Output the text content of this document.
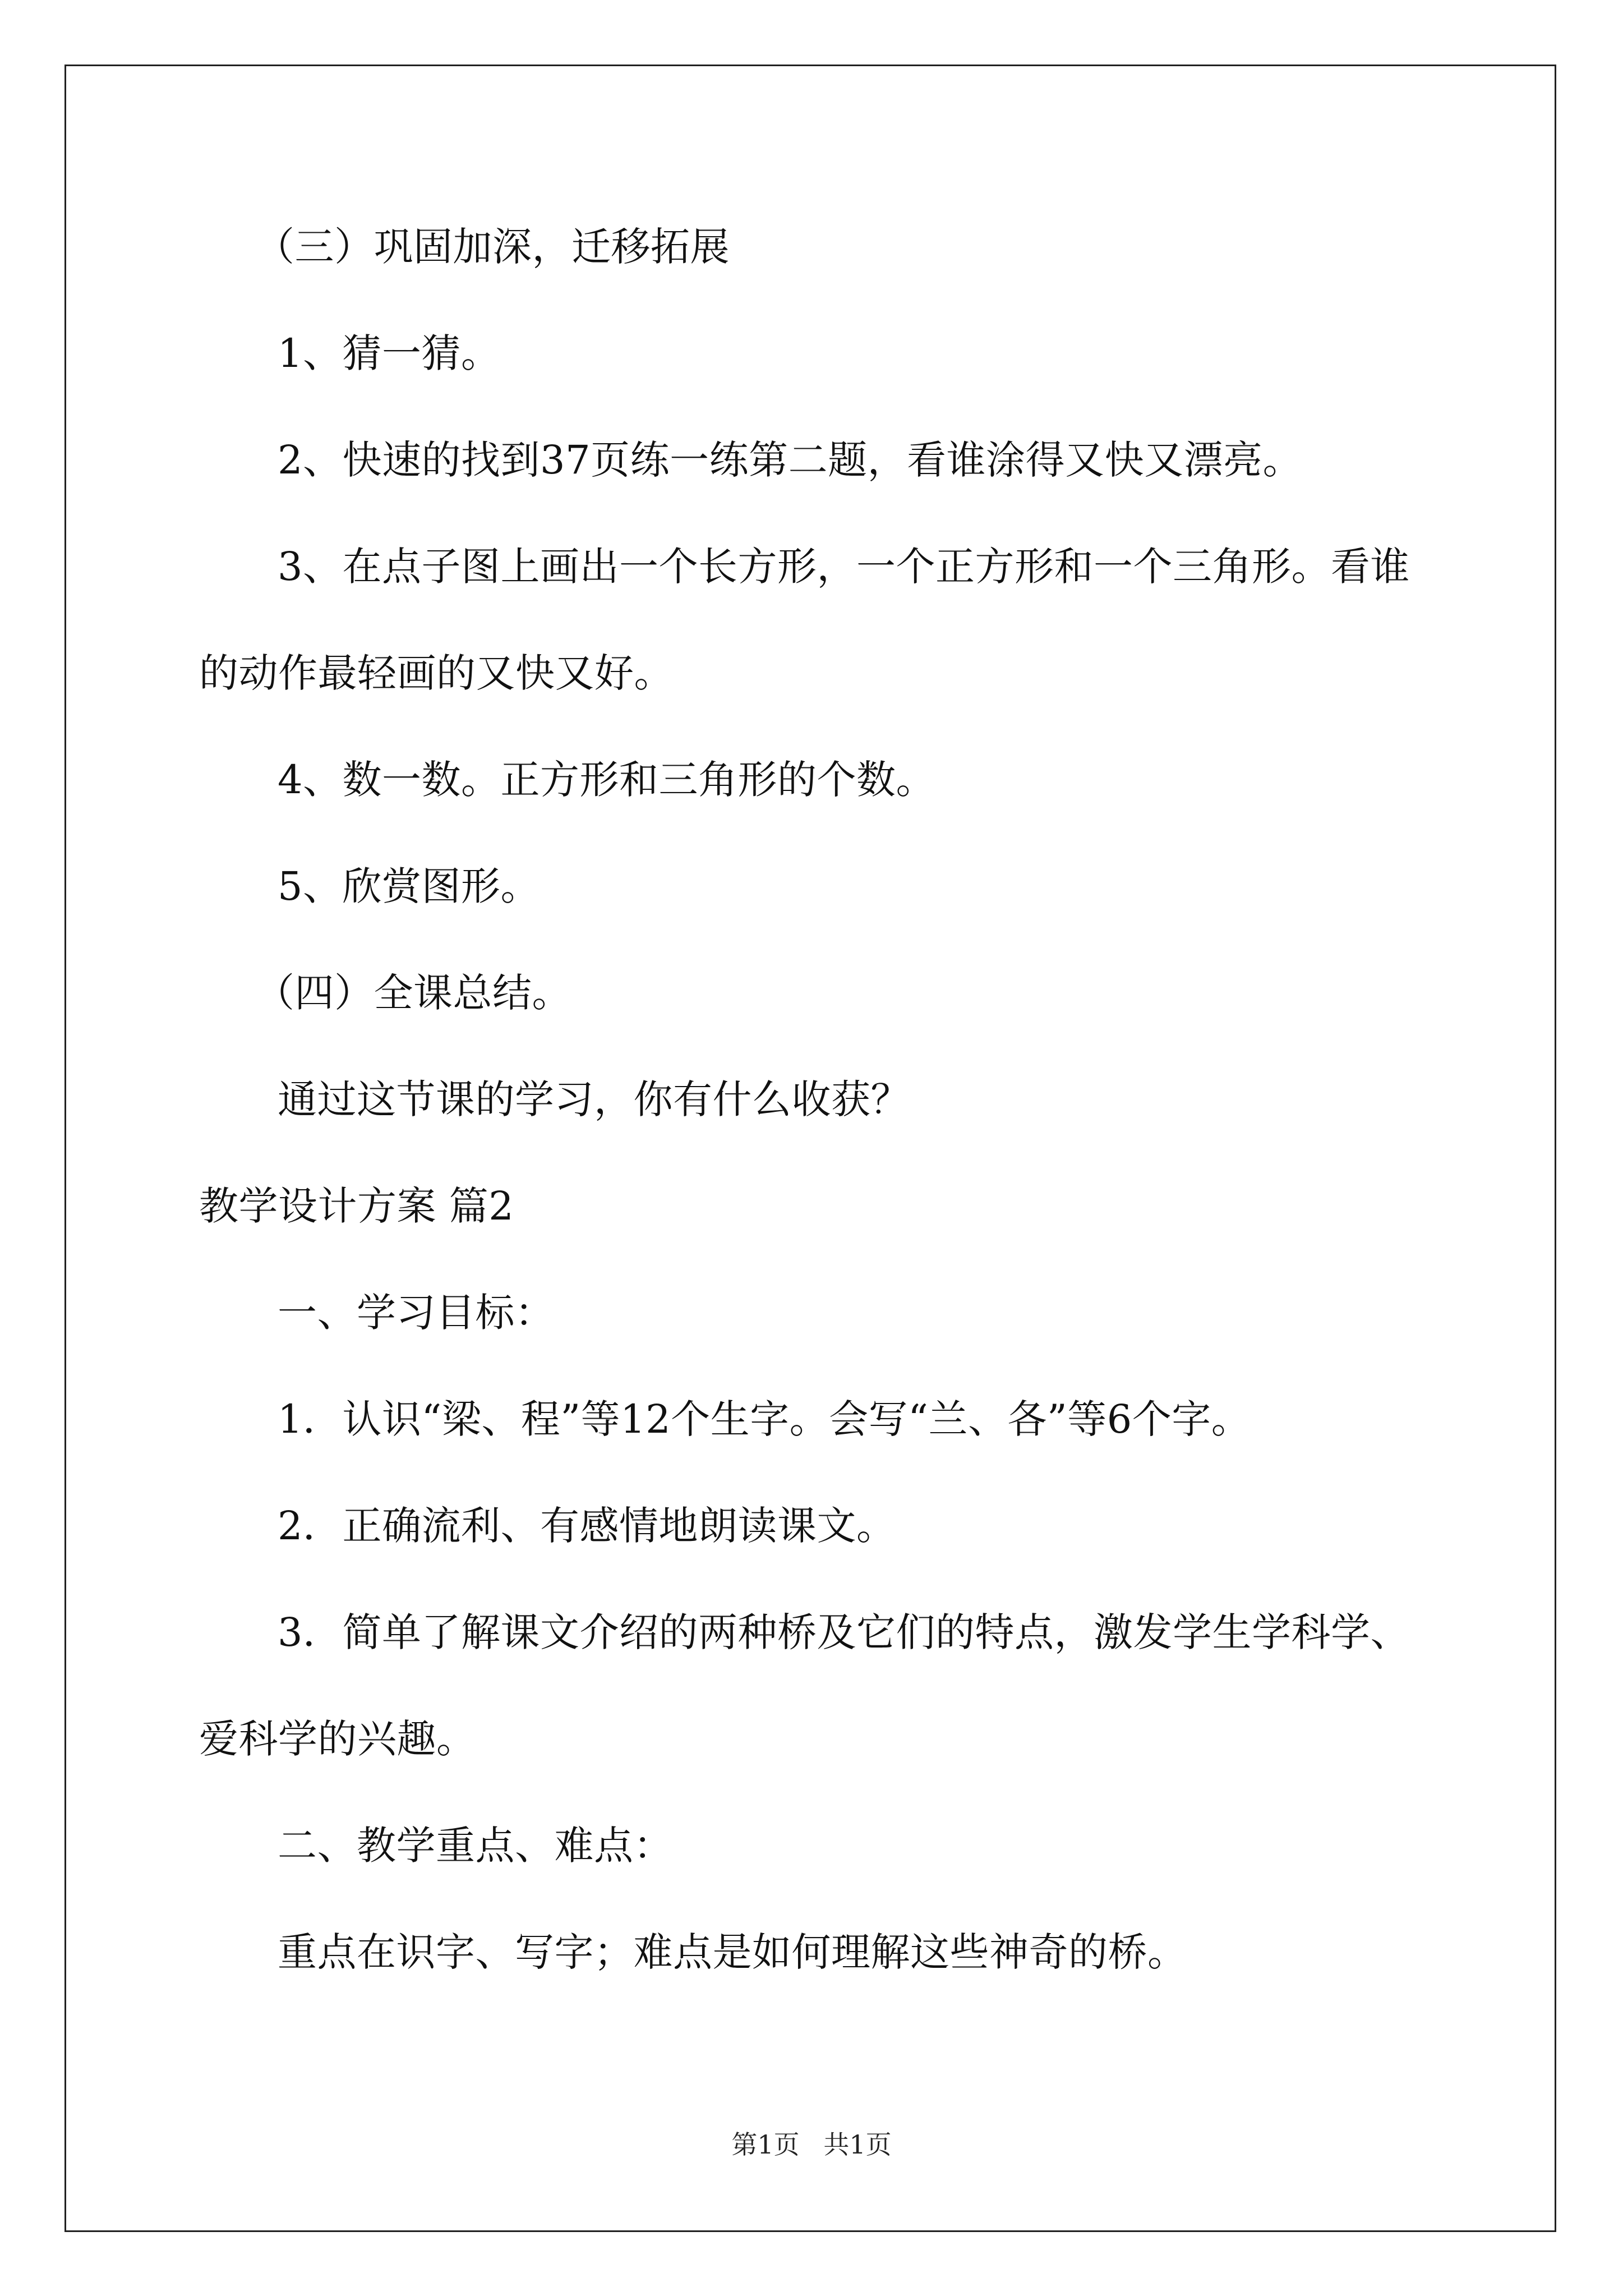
（三）巩固加深，迁移拓展
1、猜一猜。
2、快速的找到37页练一练第二题，看谁涂得又快又漂亮。
3、在点子图上画出一个长方形，一个正方形和一个三角形。看谁
的动作最轻画的又快又好。
4、数一数。正方形和三角形的个数。
5、欣赏图形。
（四）全课总结。
通过这节课的学习，你有什么收获？
教学设计方案 篇2
一、学习目标：
1．认识“梁、程”等12个生字。会写“兰、各”等6个字。
2．正确流利、有感情地朗读课文。
3．简单了解课文介绍的两种桥及它们的特点，激发学生学科学、
爱科学的兴趣。
二、教学重点、难点：
重点在识字、写字；难点是如何理解这些神奇的桥。
第1页 共1页
